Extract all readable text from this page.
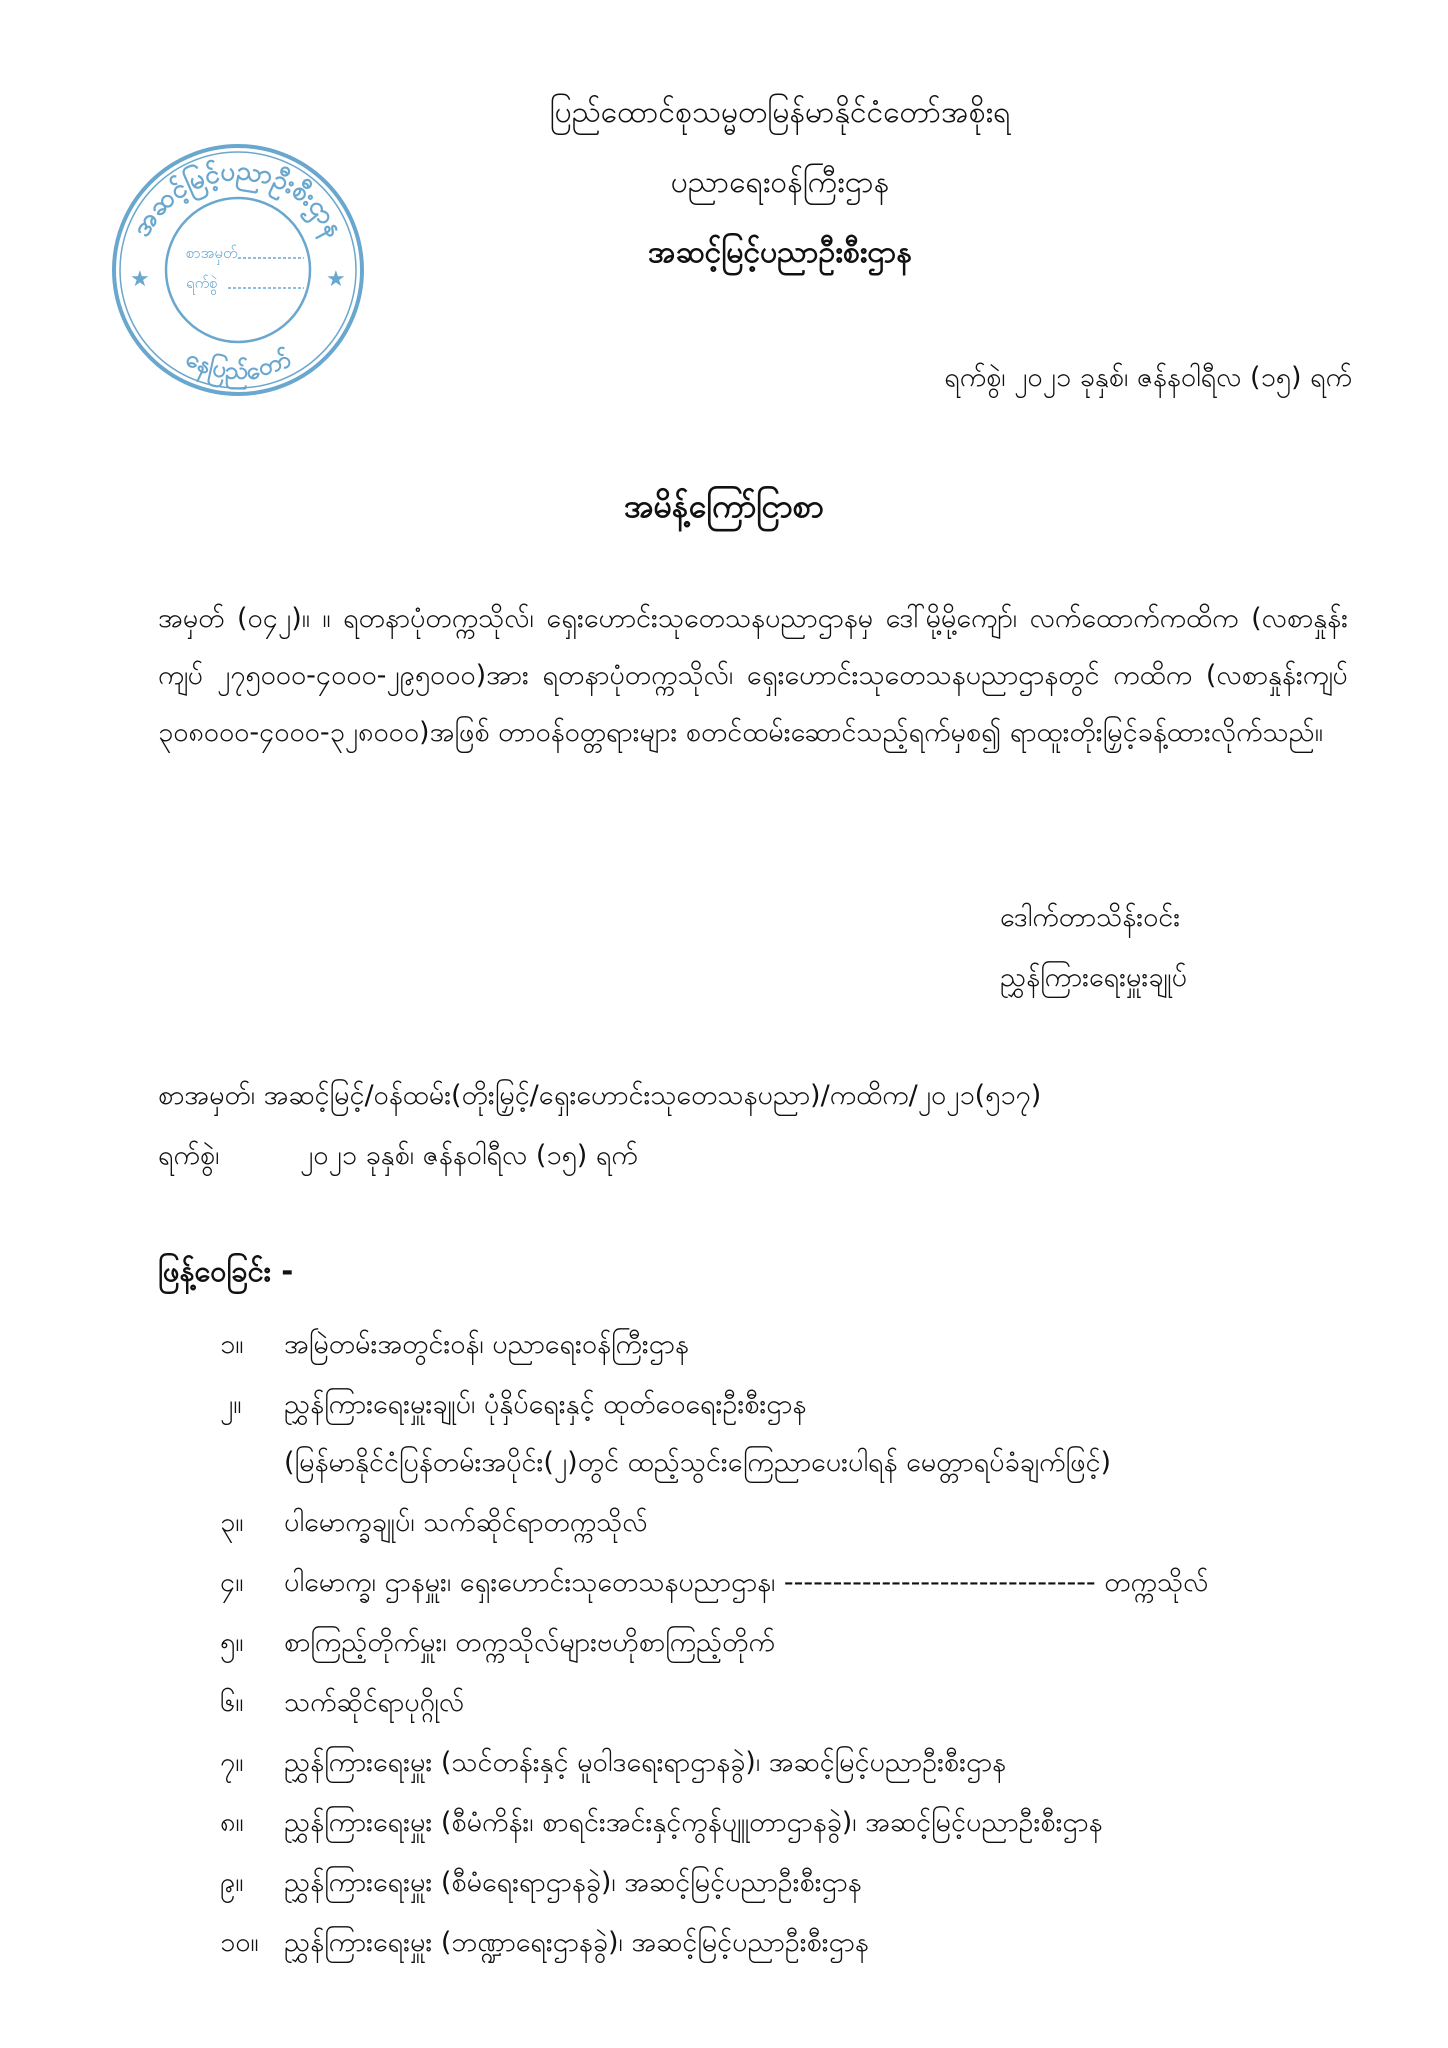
အဆင့်မြင့်ပညာဦးစီးဌာန
နေပြည်တော်
စာအမှတ်
ရက်စွဲ
★	★
ပြည်ထောင်စုသမ္မတမြန်မာနိုင်ငံတော်အစိုးရ
ပညာရေးဝန်ကြီးဌာန
အဆင့်မြင့်ပညာဦးစီးဌာန
ရက်စွဲ၊ ၂၀၂၁ ခုနှစ်၊ ဇန်နဝါရီလ (၁၅) ရက်
အမိန့်ကြော်ငြာစာ
အမှတ် (၀၄၂)။ ။ ရတနာပုံတက္ကသိုလ်၊ ရှေးဟောင်းသုတေသနပညာဌာနမှ ဒေါ်မို့မို့ကျော်၊ လက်ထောက်ကထိက (လစာနှုန်းကျပ် ၂၇၅၀၀၀-၄၀၀၀-၂၉၅၀၀၀)အား ရတနာပုံတက္ကသိုလ်၊ ရှေးဟောင်းသုတေသနပညာဌာနတွင် ကထိက (လစာနှုန်းကျပ် ၃၀၈၀၀၀-၄၀၀၀-၃၂၈၀၀၀)အဖြစ် တာဝန်ဝတ္တရားများ စတင်ထမ်းဆောင်သည့်ရက်မှစ၍ ရာထူးတိုးမြှင့်ခန့်ထားလိုက်သည်။
ဒေါက်တာသိန်းဝင်း
ညွှန်ကြားရေးမှူးချုပ်
စာအမှတ်၊ အဆင့်မြင့်/ဝန်ထမ်း(တိုးမြှင့်/ရှေးဟောင်းသုတေသနပညာ)/ကထိက/၂၀၂၁(၅၁၇)
ရက်စွဲ၊	၂၀၂၁ ခုနှစ်၊ ဇန်နဝါရီလ (၁၅) ရက်
ဖြန့်ဝေခြင်း -
၁။	အမြဲတမ်းအတွင်းဝန်၊ ပညာရေးဝန်ကြီးဌာန
၂။	ညွှန်ကြားရေးမှူးချုပ်၊ ပုံနှိပ်ရေးနှင့် ထုတ်ဝေရေးဦးစီးဌာန
(မြန်မာနိုင်ငံပြန်တမ်းအပိုင်း(၂)တွင် ထည့်သွင်းကြေညာပေးပါရန် မေတ္တာရပ်ခံချက်ဖြင့်)
၃။	ပါမောက္ခချုပ်၊ သက်ဆိုင်ရာတက္ကသိုလ်
၄။	ပါမောက္ခ၊ ဌာနမှူး၊ ရှေးဟောင်းသုတေသနပညာဌာန၊ -------------------------------- တက္ကသိုလ်
၅။	စာကြည့်တိုက်မှူး၊ တက္ကသိုလ်များဗဟိုစာကြည့်တိုက်
၆။	သက်ဆိုင်ရာပုဂ္ဂိုလ်
၇။	ညွှန်ကြားရေးမှူး (သင်တန်းနှင့် မူဝါဒရေးရာဌာနခွဲ)၊ အဆင့်မြင့်ပညာဦးစီးဌာန
၈။	ညွှန်ကြားရေးမှူး (စီမံကိန်း၊ စာရင်းအင်းနှင့်ကွန်ပျူတာဌာနခွဲ)၊ အဆင့်မြင့်ပညာဦးစီးဌာန
၉။	ညွှန်ကြားရေးမှူး (စီမံရေးရာဌာနခွဲ)၊ အဆင့်မြင့်ပညာဦးစီးဌာန
၁၀။ ညွှန်ကြားရေးမှူး (ဘဏ္ဍာရေးဌာနခွဲ)၊ အဆင့်မြင့်ပညာဦးစီးဌာန
